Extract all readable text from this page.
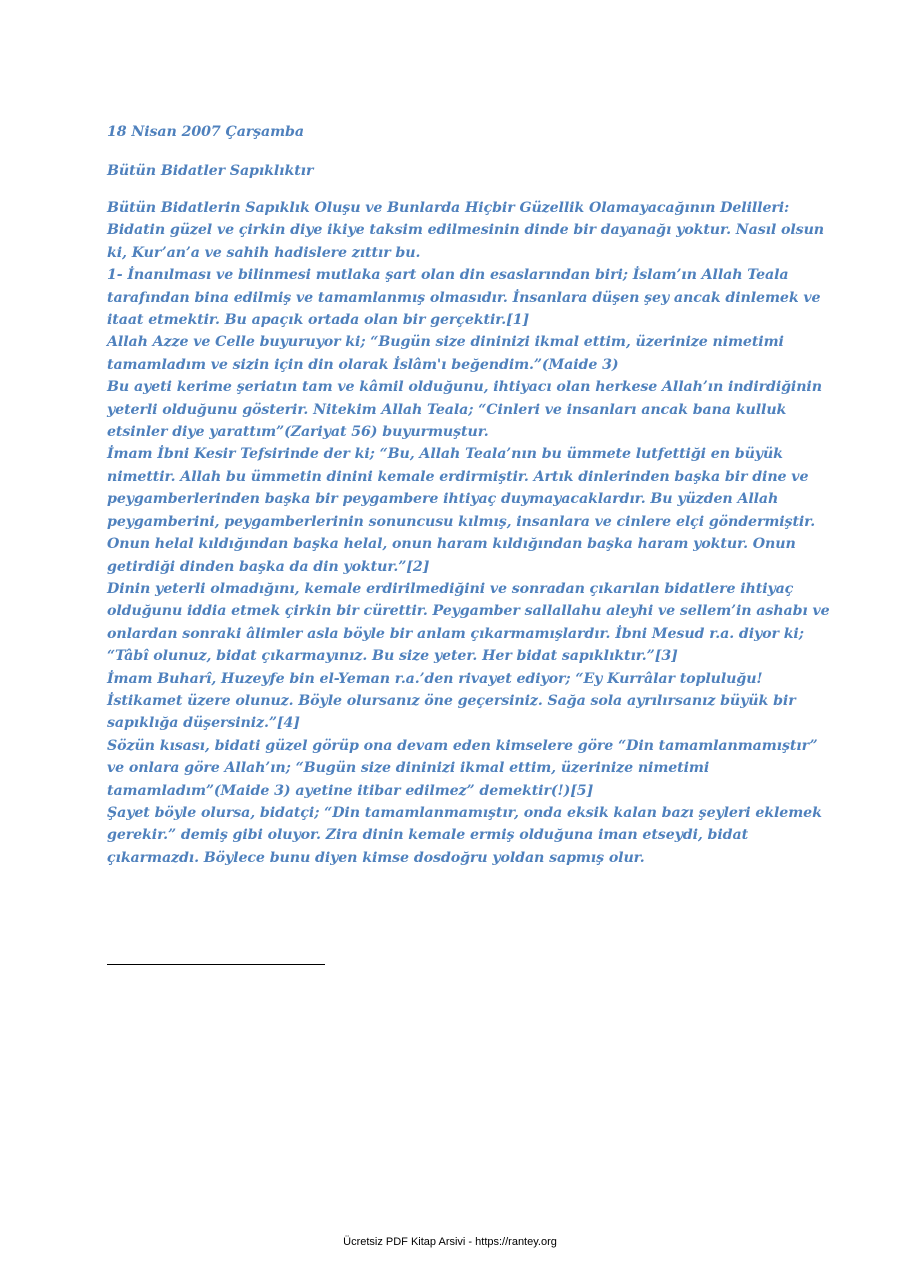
18 Nisan 2007 Çarşamba
Bütün Bidatler Sapıklıktır
Bütün Bidatlerin Sapıklık Oluşu ve Bunlarda Hiçbir Güzellik Olamayacağının Delilleri:
Bidatin güzel ve çirkin diye ikiye taksim edilmesinin dinde bir dayanağı yoktur. Nasıl olsun
ki, Kur’an’a ve sahih hadislere zıttır bu.
1- İnanılması ve bilinmesi mutlaka şart olan din esaslarından biri; İslam’ın Allah Teala
tarafından bina edilmiş ve tamamlanmış olmasıdır. İnsanlara düşen şey ancak dinlemek ve
itaat etmektir. Bu apaçık ortada olan bir gerçektir.[1]
Allah Azze ve Celle buyuruyor ki; “Bugün size dininizi ikmal ettim, üzerinize nimetimi
tamamladım ve sizin için din olarak İslâm'ı beğendim.”(Maide 3)
Bu ayeti kerime şeriatın tam ve kâmil olduğunu, ihtiyacı olan herkese Allah’ın indirdiğinin
yeterli olduğunu gösterir. Nitekim Allah Teala; “Cinleri ve insanları ancak bana kulluk
etsinler diye yarattım”(Zariyat 56) buyurmuştur.
İmam İbni Kesir Tefsirinde der ki; “Bu, Allah Teala’nın bu ümmete lutfettiği en büyük
nimettir. Allah bu ümmetin dinini kemale erdirmiştir. Artık dinlerinden başka bir dine ve
peygamberlerinden başka bir peygambere ihtiyaç duymayacaklardır. Bu yüzden Allah
peygamberini, peygamberlerinin sonuncusu kılmış, insanlara ve cinlere elçi göndermiştir.
Onun helal kıldığından başka helal, onun haram kıldığından başka haram yoktur. Onun
getirdiği dinden başka da din yoktur.”[2]
Dinin yeterli olmadığını, kemale erdirilmediğini ve sonradan çıkarılan bidatlere ihtiyaç
olduğunu iddia etmek çirkin bir cürettir. Peygamber sallallahu aleyhi ve sellem’in ashabı ve
onlardan sonraki âlimler asla böyle bir anlam çıkarmamışlardır. İbni Mesud r.a. diyor ki;
“Tâbî olunuz, bidat çıkarmayınız. Bu size yeter. Her bidat sapıklıktır.”[3]
İmam Buharî, Huzeyfe bin el-Yeman r.a.’den rivayet ediyor; “Ey Kurrâlar topluluğu!
İstikamet üzere olunuz. Böyle olursanız öne geçersiniz. Sağa sola ayrılırsanız büyük bir
sapıklığa düşersiniz.”[4]
Sözün kısası, bidati güzel görüp ona devam eden kimselere göre “Din tamamlanmamıştır”
ve onlara göre Allah’ın; “Bugün size dininizi ikmal ettim, üzerinize nimetimi
tamamladım”(Maide 3) ayetine itibar edilmez” demektir(!)[5]
Şayet böyle olursa, bidatçi; “Din tamamlanmamıştır, onda eksik kalan bazı şeyleri eklemek
gerekir.” demiş gibi oluyor. Zira dinin kemale ermiş olduğuna iman etseydi, bidat
çıkarmazdı. Böylece bunu diyen kimse dosdoğru yoldan sapmış olur.
Ücretsiz PDF Kitap Arsivi - https://rantey.org
